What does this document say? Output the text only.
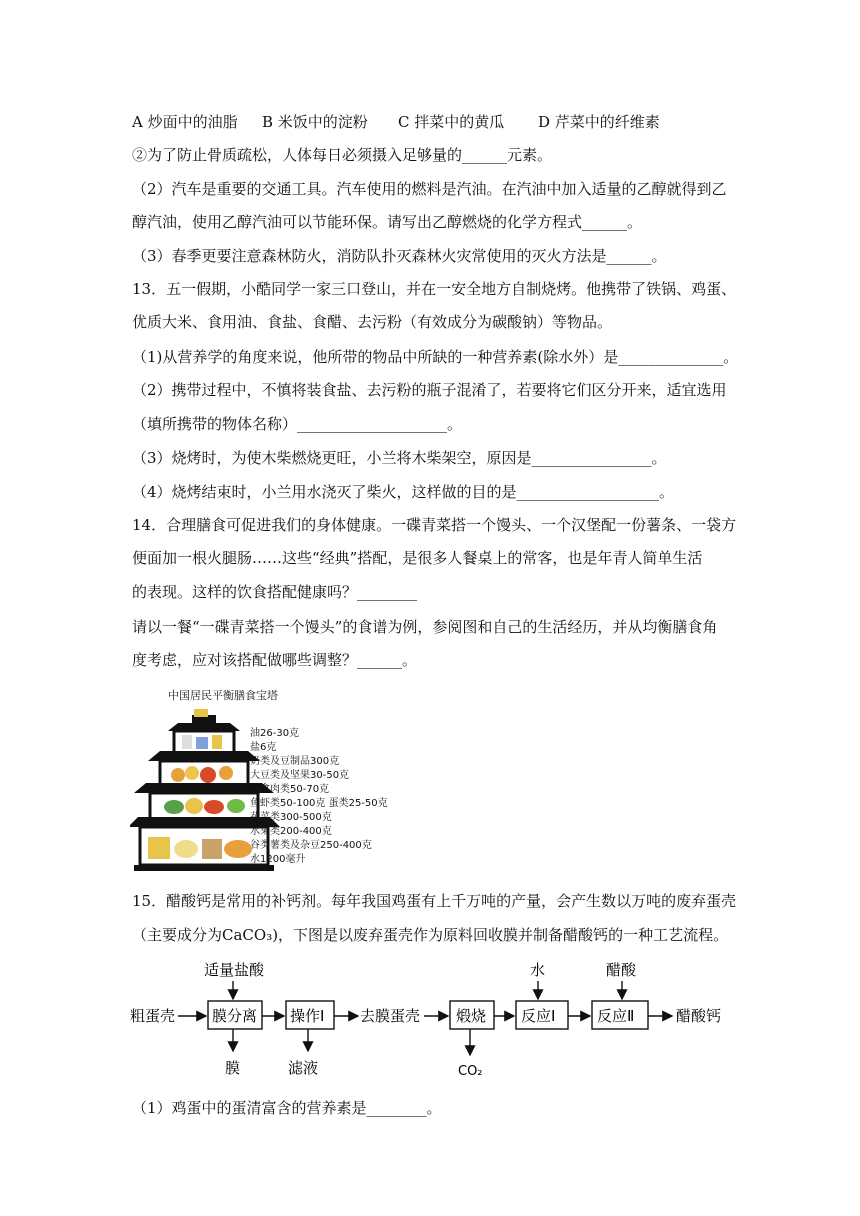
A 炒面中的油脂 B 米饭中的淀粉 C 拌菜中的黄瓜 D 芹菜中的纤维素
②为了防止骨质疏松，人体每日必须摄入足够量的______元素。
（2）汽车是重要的交通工具。汽车使用的燃料是汽油。在汽油中加入适量的乙醇就得到乙
醇汽油，使用乙醇汽油可以节能环保。请写出乙醇燃烧的化学方程式______。
（3）春季更要注意森林防火，消防队扑灭森林火灾常使用的灭火方法是______。
13．五一假期，小酷同学一家三口登山，并在一安全地方自制烧烤。他携带了铁锅、鸡蛋、
优质大米、食用油、食盐、食醋、去污粉（有效成分为碳酸钠）等物品。
（1)从营养学的角度来说，他所带的物品中所缺的一种营养素(除水外）是______________。
（2）携带过程中，不慎将装食盐、去污粉的瓶子混淆了，若要将它们区分开来，适宜选用
（填所携带的物体名称）____________________。
（3）烧烤时，为使木柴燃烧更旺，小兰将木柴架空，原因是________________。
（4）烧烤结束时，小兰用水浇灭了柴火，这样做的目的是___________________。
14．合理膳食可促进我们的身体健康。一碟青菜搭一个馒头、一个汉堡配一份薯条、一袋方
便面加一根火腿肠……这些“经典”搭配，是很多人餐桌上的常客，也是年青人简单生活
的表现。这样的饮食搭配健康吗？________
请以一餐“一碟青菜搭一个馒头”的食谱为例，参阅图和自己的生活经历，并从均衡膳食角
度考虑，应对该搭配做哪些调整？______。
中国居民平衡膳食宝塔
油26-30克
盐6克
奶类及豆制品300克
大豆类及坚果30-50克
畜禽肉类50-70克
鱼虾类50-100克 蛋类25-50克
蔬菜类300-500克
水果类200-400克
谷类薯类及杂豆250-400克
水1200毫升
15．醋酸钙是常用的补钙剂。每年我国鸡蛋有上千万吨的产量，会产生数以万吨的废弃蛋壳
（主要成分为CaCO₃)，下图是以废弃蛋壳作为原料回收膜并制备醋酸钙的一种工艺流程。
粗蛋壳
适量盐酸
膜分离
膜
操作Ⅰ
滤液
去膜蛋壳 煅烧
CO₂
水
反应Ⅰ
醋酸
反应Ⅱ	醋酸钙
（1）鸡蛋中的蛋清富含的营养素是________。
